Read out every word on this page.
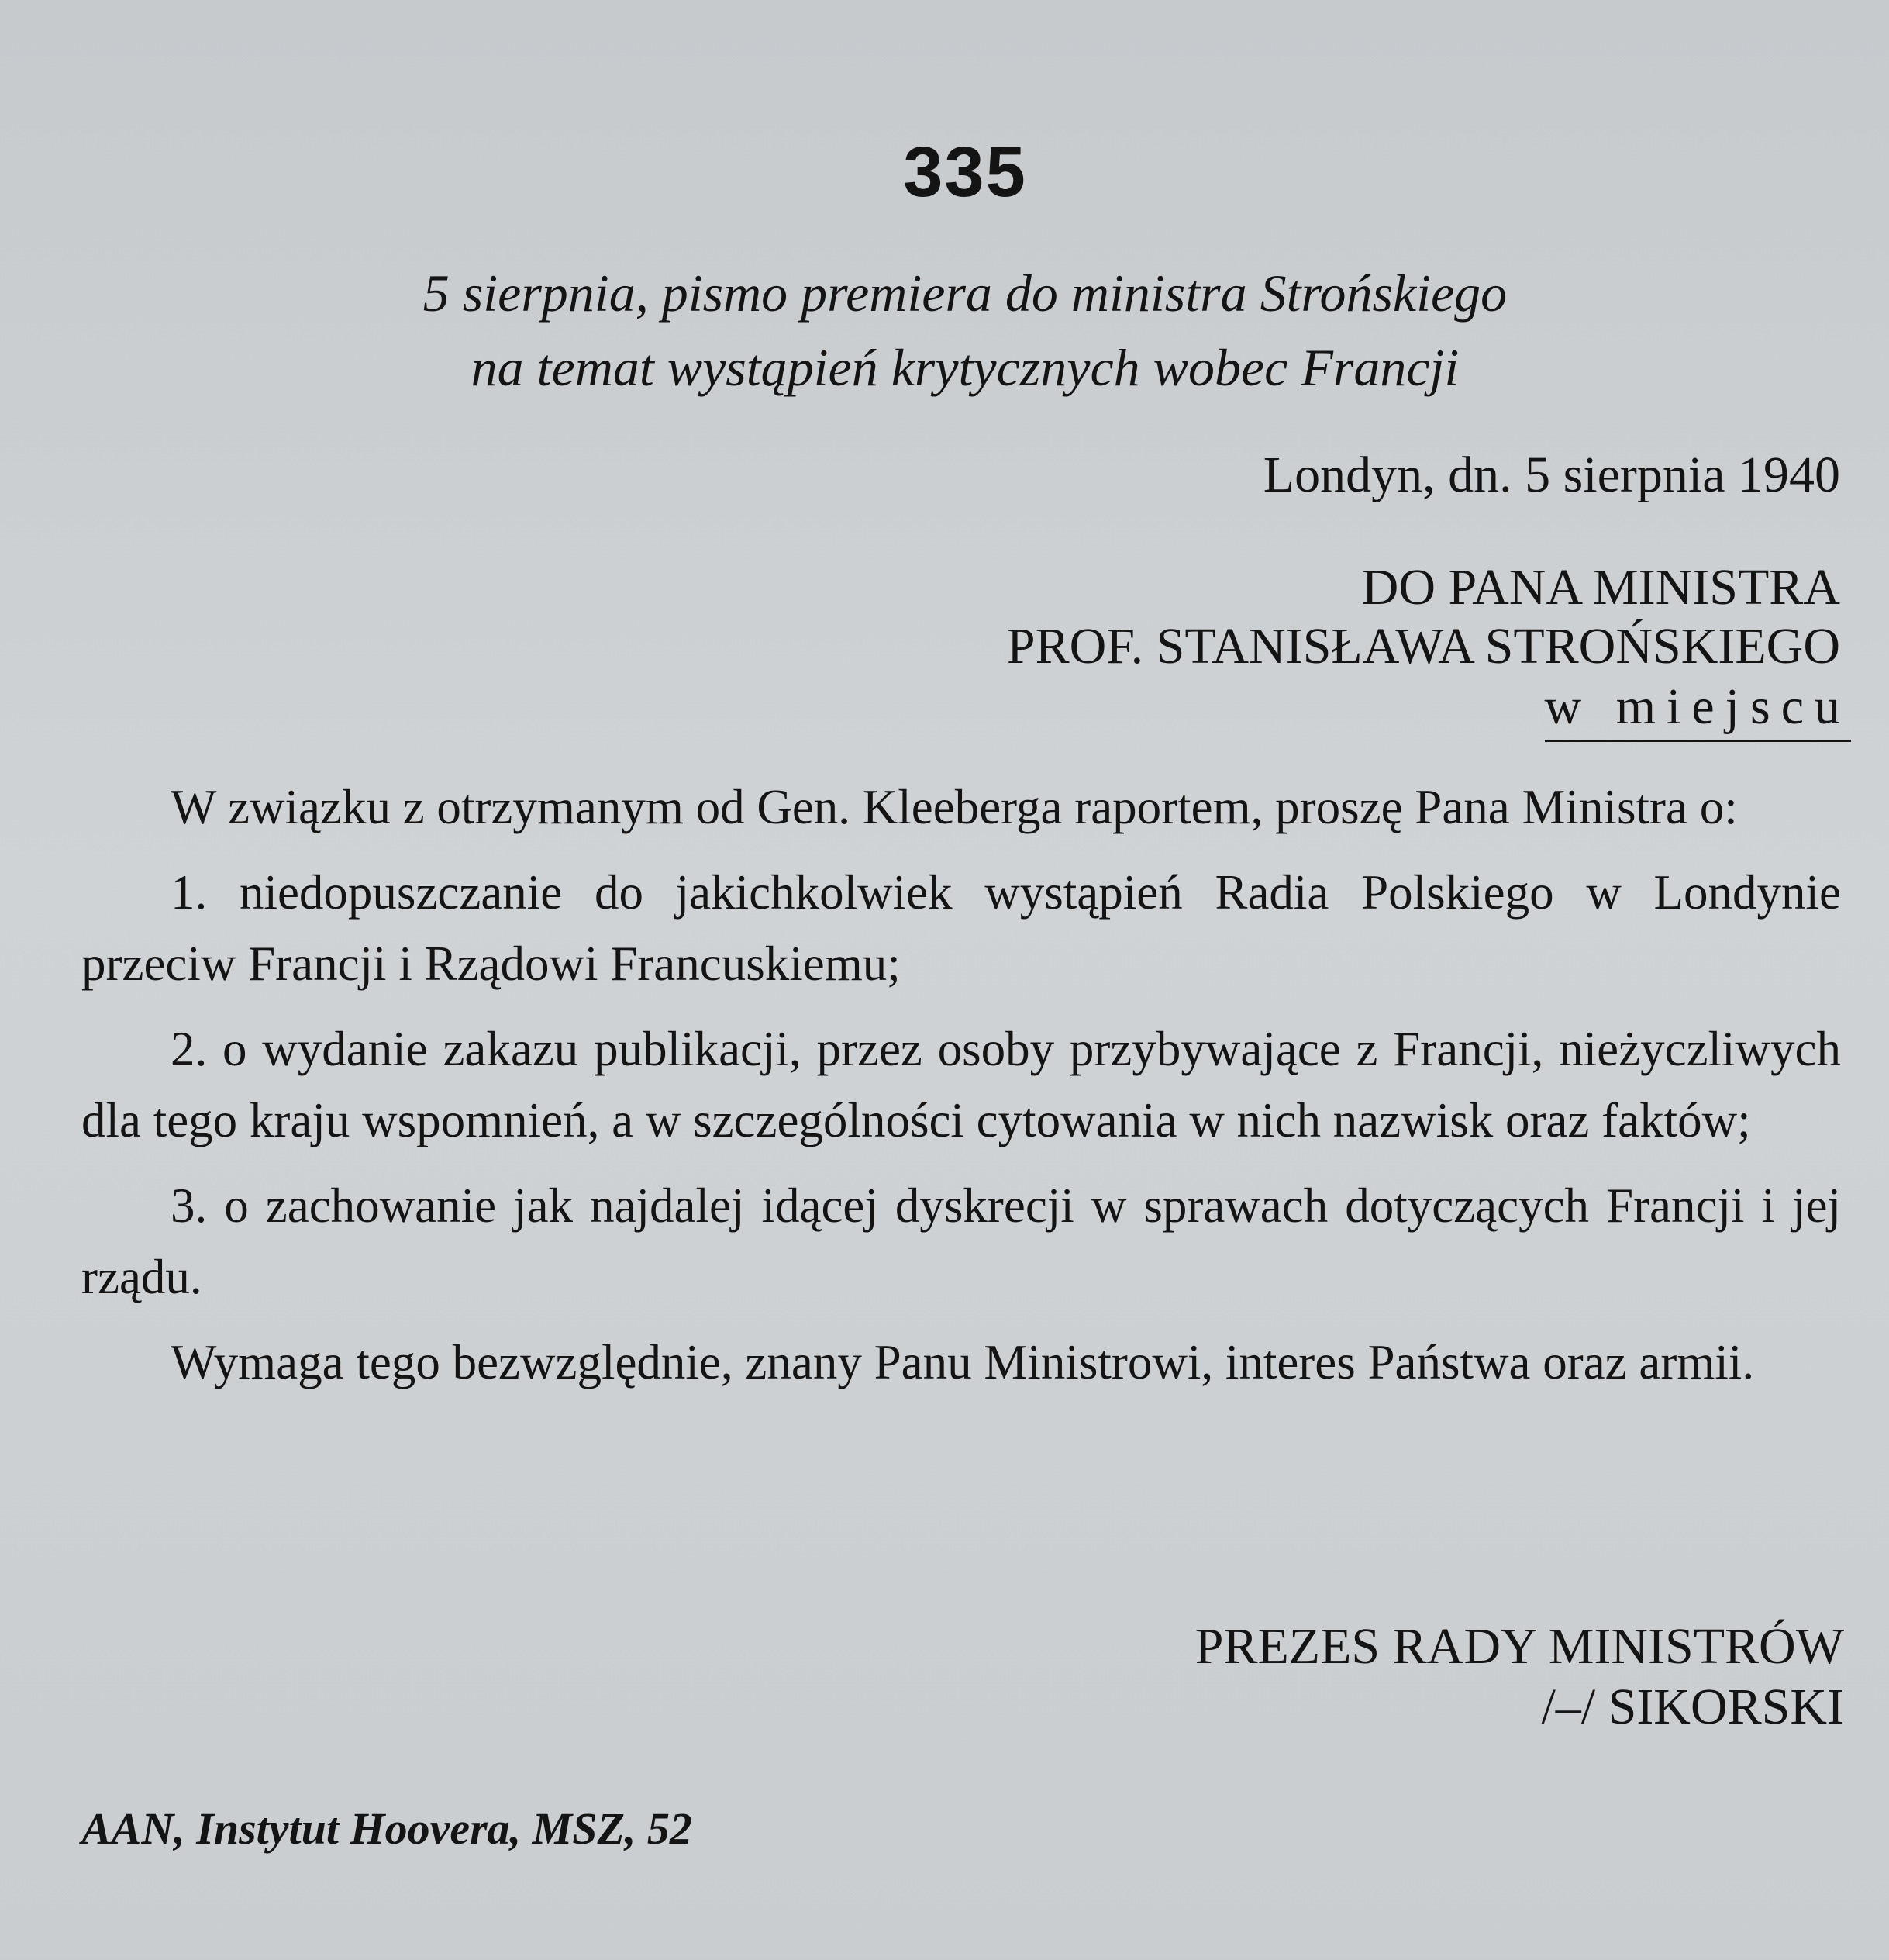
335
5 sierpnia, pismo premiera do ministra Strońskiego
na temat wystąpień krytycznych wobec Francji
Londyn, dn. 5 sierpnia 1940
DO PANA MINISTRA
PROF. STANISŁAWA STROŃSKIEGO
w miejscu

W związku z otrzymanym od Gen. Kleeberga raportem, proszę Pana Ministra o:

1. niedopuszczanie do jakichkolwiek wystąpień Radia Polskiego w Londynie przeciw Francji i Rządowi Francuskiemu;

2. o wydanie zakazu publikacji, przez osoby przybywające z Francji, nieżyczliwych dla tego kraju wspomnień, a w szczególności cytowania w nich nazwisk oraz faktów;

3. o zachowanie jak najdalej idącej dyskrecji w sprawach dotyczących Francji i jej rządu.

Wymaga tego bezwzględnie, znany Panu Ministrowi, interes Państwa oraz armii.

PREZES RADY MINISTRÓW
/–/ SIKORSKI
AAN, Instytut Hoovera, MSZ, 52
